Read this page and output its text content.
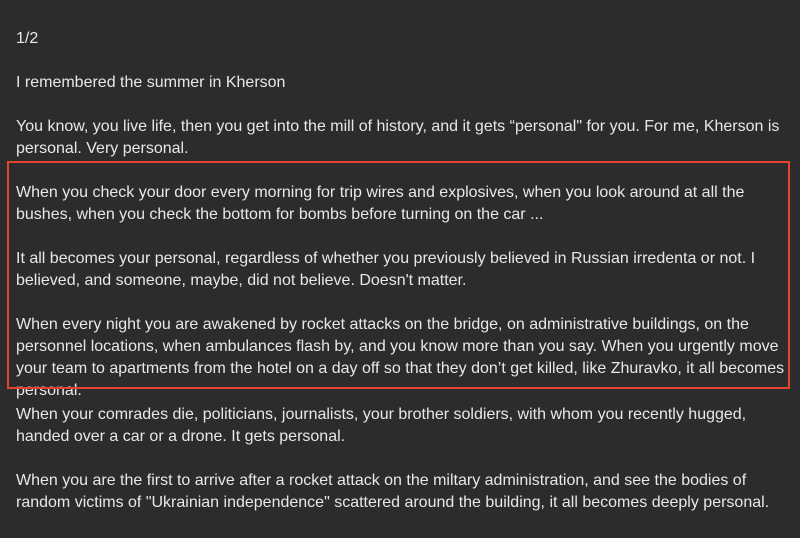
1/2

I remembered the summer in Kherson

You know, you live life, then you get into the mill of history, and it gets “personal" for you. For me, Kherson is personal. Very personal.

When you check your door every morning for trip wires and explosives, when you look around at all the bushes, when you check the bottom for bombs before turning on the car ...

It all becomes your personal, regardless of whether you previously believed in Russian irredenta or not. I believed, and someone, maybe, did not believe. Doesn't matter.

When every night you are awakened by rocket attacks on the bridge, on administrative buildings, on the personnel locations, when ambulances flash by, and you know more than you say. When you urgently move your team to apartments from the hotel on a day off so that they don’t get killed, like Zhuravko, it all becomes personal.

When your comrades die, politicians, journalists, your brother soldiers, with whom you recently hugged, handed over a car or a drone. It gets personal.

When you are the first to arrive after a rocket attack on the miltary administration, and see the bodies of random victims of "Ukrainian independence" scattered around the building, it all becomes deeply personal.
